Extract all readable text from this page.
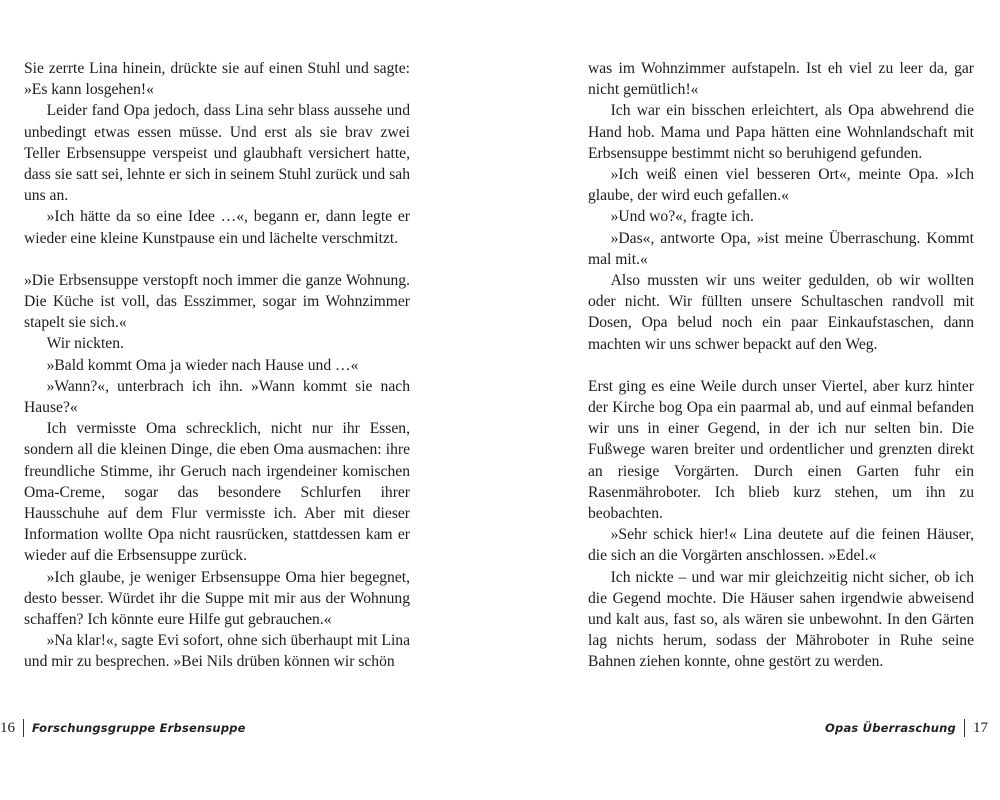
Sie zerrte Lina hinein, drückte sie auf einen Stuhl und sagte: »Es kann losgehen!«

Leider fand Opa jedoch, dass Lina sehr blass aussehe und unbedingt etwas essen müsse. Und erst als sie brav zwei Teller Erbsensuppe verspeist und glaubhaft versichert hatte, dass sie satt sei, lehnte er sich in seinem Stuhl zurück und sah uns an.

»Ich hätte da so eine Idee …«, begann er, dann legte er wieder eine kleine Kunstpause ein und lächelte verschmitzt.

»Die Erbsensuppe verstopft noch immer die ganze Wohnung. Die Küche ist voll, das Esszimmer, sogar im Wohnzimmer stapelt sie sich.«

Wir nickten.

»Bald kommt Oma ja wieder nach Hause und …«

»Wann?«, unterbrach ich ihn. »Wann kommt sie nach Hause?«

Ich vermisste Oma schrecklich, nicht nur ihr Essen, sondern all die kleinen Dinge, die eben Oma ausmachen: ihre freundliche Stimme, ihr Geruch nach irgendeiner komischen Oma-Creme, sogar das besondere Schlurfen ihrer Hausschuhe auf dem Flur vermisste ich. Aber mit dieser Information wollte Opa nicht rausrücken, stattdessen kam er wieder auf die Erbsensuppe zurück.

»Ich glaube, je weniger Erbsensuppe Oma hier begegnet, desto besser. Würdet ihr die Suppe mit mir aus der Wohnung schaffen? Ich könnte eure Hilfe gut gebrauchen.«

»Na klar!«, sagte Evi sofort, ohne sich überhaupt mit Lina und mir zu besprechen. »Bei Nils drüben können wir schön

was im Wohnzimmer aufstapeln. Ist eh viel zu leer da, gar nicht gemütlich!«

Ich war ein bisschen erleichtert, als Opa abwehrend die Hand hob. Mama und Papa hätten eine Wohnlandschaft mit Erbsensuppe bestimmt nicht so beruhigend gefunden.

»Ich weiß einen viel besseren Ort«, meinte Opa. »Ich glaube, der wird euch gefallen.«

»Und wo?«, fragte ich.

»Das«, antworte Opa, »ist meine Überraschung. Kommt mal mit.«

Also mussten wir uns weiter gedulden, ob wir wollten oder nicht. Wir füllten unsere Schultaschen randvoll mit Dosen, Opa belud noch ein paar Einkaufstaschen, dann machten wir uns schwer bepackt auf den Weg.

Erst ging es eine Weile durch unser Viertel, aber kurz hinter der Kirche bog Opa ein paarmal ab, und auf einmal befanden wir uns in einer Gegend, in der ich nur selten bin. Die Fußwege waren breiter und ordentlicher und grenzten direkt an riesige Vorgärten. Durch einen Garten fuhr ein Rasenmähroboter. Ich blieb kurz stehen, um ihn zu beobachten.

»Sehr schick hier!« Lina deutete auf die feinen Häuser, die sich an die Vorgärten anschlossen. »Edel.«

Ich nickte – und war mir gleichzeitig nicht sicher, ob ich die Gegend mochte. Die Häuser sahen irgendwie abweisend und kalt aus, fast so, als wären sie unbewohnt. In den Gärten lag nichts herum, sodass der Mähroboter in Ruhe seine Bahnen ziehen konnte, ohne gestört zu werden.

16 Forschungsgruppe Erbsensuppe	Opas Überraschung 17
